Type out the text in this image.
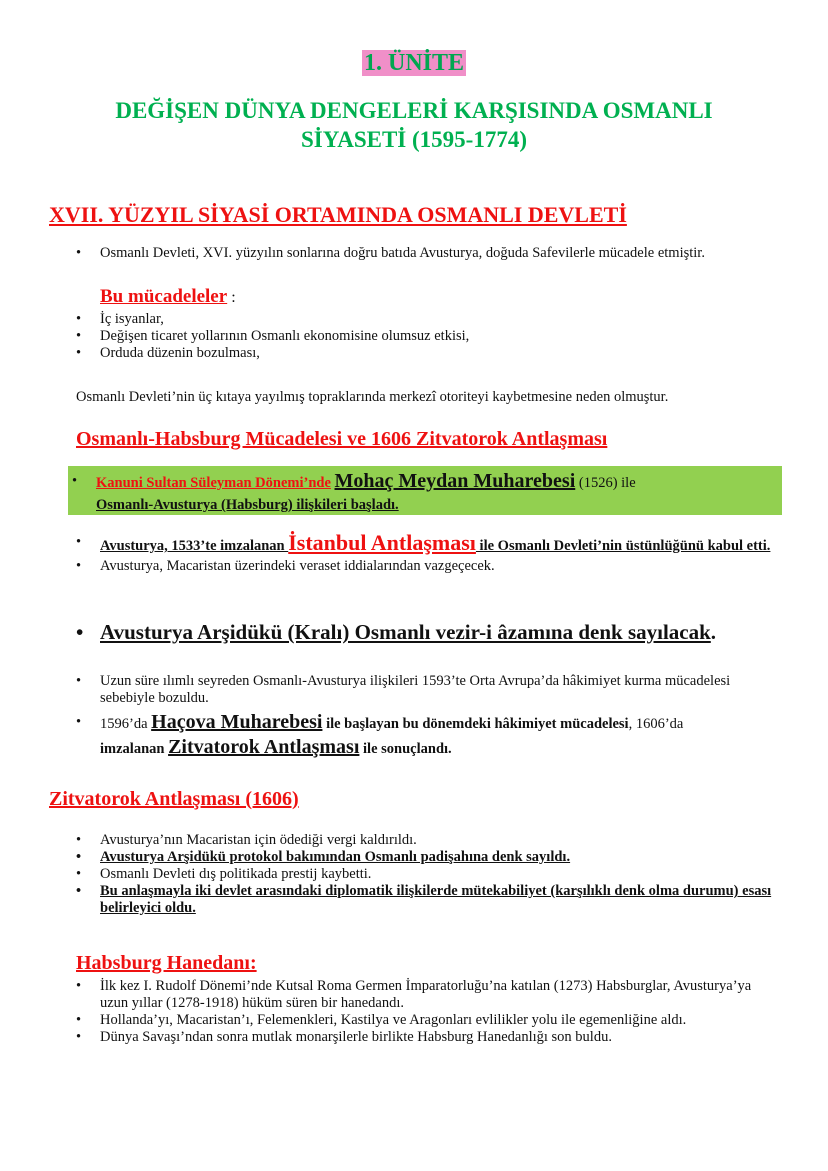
1. ÜNİTE
DEĞİŞEN DÜNYA DENGELERİ KARŞISINDA OSMANLI
SİYASETİ (1595-1774)
XVII. YÜZYIL SİYASİ ORTAMINDA OSMANLI DEVLETİ
• Osmanlı Devleti, XVI. yüzyılın sonlarına doğru batıda Avusturya, doğuda Safevilerle mücadele etmiştir.
Bu mücadeleler :
• İç isyanlar,
• Değişen ticaret yollarının Osmanlı ekonomisine olumsuz etkisi,
• Orduda düzenin bozulması,
Osmanlı Devleti’nin üç kıtaya yayılmış topraklarında merkezî otoriteyi kaybetmesine neden olmuştur.
Osmanlı-Habsburg Mücadelesi ve 1606 Zitvatorok Antlaşması
• Kanuni Sultan Süleyman Dönemi’nde Mohaç Meydan Muharebesi (1526) ile
Osmanlı-Avusturya (Habsburg) ilişkileri başladı.
• Avusturya, 1533’te imzalanan İstanbul Antlaşması ile Osmanlı Devleti’nin üstünlüğünü kabul etti.
• Avusturya, Macaristan üzerindeki veraset iddialarından vazgeçecek.
• Avusturya Arşidükü (Kralı) Osmanlı vezir-i âzamına denk sayılacak.
• Uzun süre ılımlı seyreden Osmanlı-Avusturya ilişkileri 1593’te Orta Avrupa’da hâkimiyet kurma mücadelesi sebebiyle bozuldu.
• 1596’da Haçova Muharebesi ile başlayan bu dönemdeki hâkimiyet mücadelesi, 1606’da
imzalanan Zitvatorok Antlaşması ile sonuçlandı.
Zitvatorok Antlaşması (1606)
• Avusturya’nın Macaristan için ödediği vergi kaldırıldı.
• Avusturya Arşidükü protokol bakımından Osmanlı padişahına denk sayıldı.
• Osmanlı Devleti dış politikada prestij kaybetti.
• Bu anlaşmayla iki devlet arasındaki diplomatik ilişkilerde mütekabiliyet (karşılıklı denk olma durumu) esası belirleyici oldu.
Habsburg Hanedanı:
• İlk kez I. Rudolf Dönemi’nde Kutsal Roma Germen İmparatorluğu’na katılan (1273) Habsburglar, Avusturya’ya uzun yıllar (1278-1918) hüküm süren bir hanedandı.
• Hollanda’yı, Macaristan’ı, Felemenkleri, Kastilya ve Aragonları evlilikler yolu ile egemenliğine aldı.
• Dünya Savaşı’ndan sonra mutlak monarşilerle birlikte Habsburg Hanedanlığı son buldu.
